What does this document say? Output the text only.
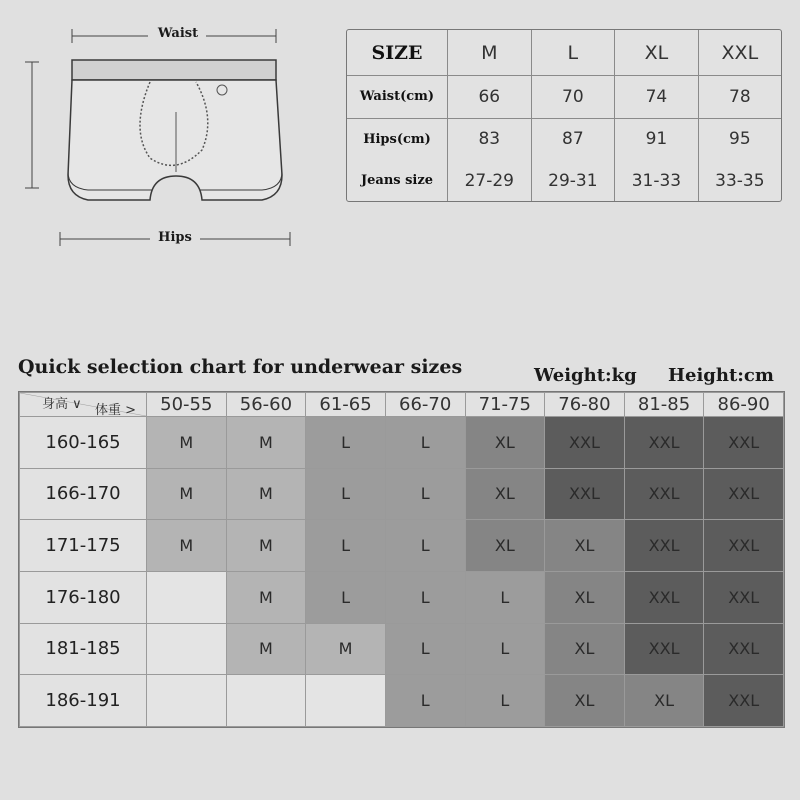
Waist
Hips
SIZE	M	L	XL	XXL
Waist(cm)	66	70	74	78
Hips(cm)	83	87	91	95
Jeans size	27-29	29-31	31-33	33-35
Quick selection chart for underwear sizes	Weight:kg Height:cm
体重 >
身高 ∨	50-55	56-60	61-65	66-70	71-75	76-80	81-85	86-90
160-165	M	M	L	L	XL	XXL	XXL	XXL
166-170	M	M	L	L	XL	XXL	XXL	XXL
171-175	M	M	L	L	XL	XL	XXL	XXL
176-180		M	L	L	L	XL	XXL	XXL
181-185		M	M	L	L	XL	XXL	XXL
186-191				L	L	XL	XL	XXL
